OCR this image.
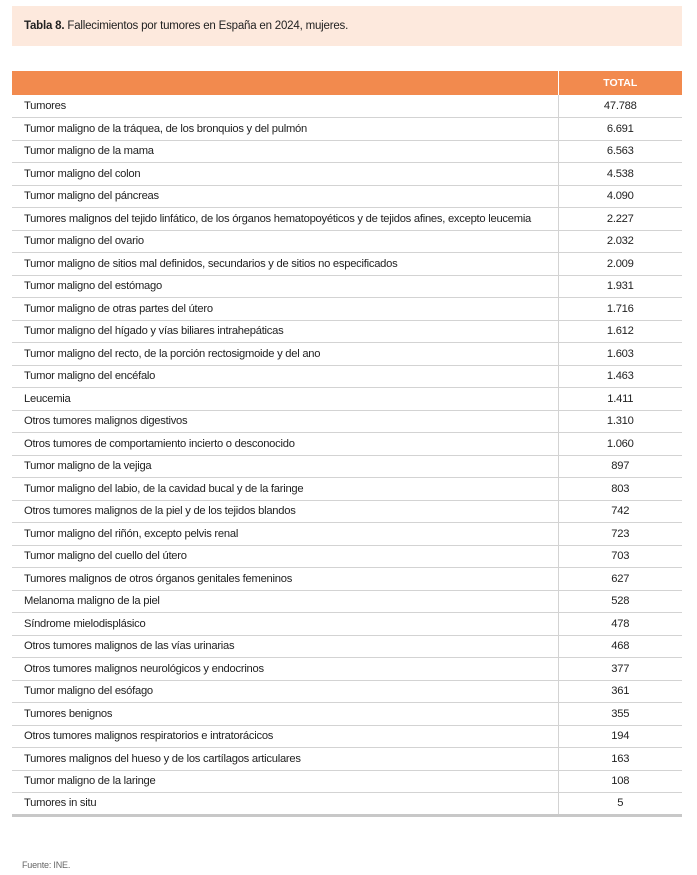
Tabla 8. Fallecimientos por tumores en España en 2024, mujeres.
	TOTAL
Tumores	47.788
Tumor maligno de la tráquea, de los bronquios y del pulmón	6.691
Tumor maligno de la mama	6.563
Tumor maligno del colon	4.538
Tumor maligno del páncreas	4.090
Tumores malignos del tejido linfático, de los órganos hematopoyéticos y de tejidos afines, excepto leucemia	2.227
Tumor maligno del ovario	2.032
Tumor maligno de sitios mal definidos, secundarios y de sitios no especificados	2.009
Tumor maligno del estómago	1.931
Tumor maligno de otras partes del útero	1.716
Tumor maligno del hígado y vías biliares intrahepáticas	1.612
Tumor maligno del recto, de la porción rectosigmoide y del ano	1.603
Tumor maligno del encéfalo	1.463
Leucemia	1.411
Otros tumores malignos digestivos	1.310
Otros tumores de comportamiento incierto o desconocido	1.060
Tumor maligno de la vejiga	897
Tumor maligno del labio, de la cavidad bucal y de la faringe	803
Otros tumores malignos de la piel y de los tejidos blandos	742
Tumor maligno del riñón, excepto pelvis renal	723
Tumor maligno del cuello del útero	703
Tumores malignos de otros órganos genitales femeninos	627
Melanoma maligno de la piel	528
Síndrome mielodisplásico	478
Otros tumores malignos de las vías urinarias	468
Otros tumores malignos neurológicos y endocrinos	377
Tumor maligno del esófago	361
Tumores benignos	355
Otros tumores malignos respiratorios e intratorácicos	194
Tumores malignos del hueso y de los cartílagos articulares	163
Tumor maligno de la laringe	108
Tumores in situ	5
Fuente: INE.
